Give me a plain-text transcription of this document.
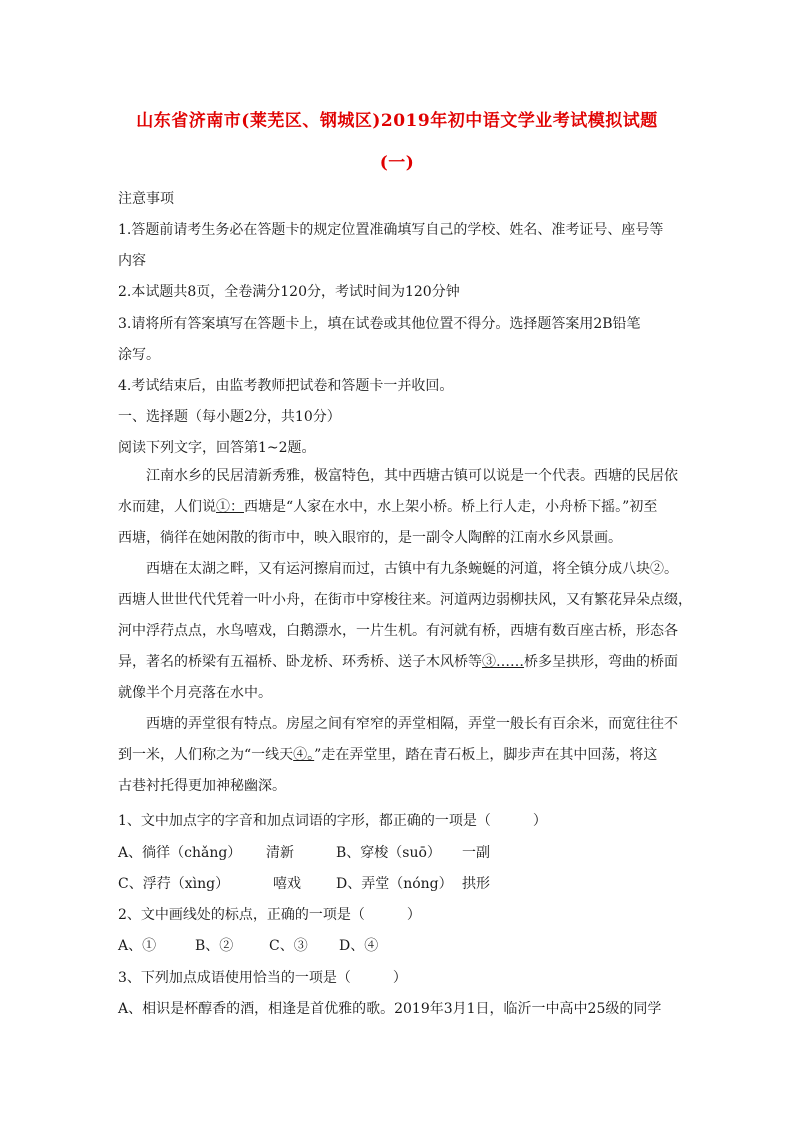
山东省济南市(莱芜区、钢城区)2019年初中语文学业考试模拟试题
(一)
注意事项
1.答题前请考生务必在答题卡的规定位置准确填写自己的学校、姓名、准考证号、座号等
内容
2.本试题共8页，全卷满分120分，考试时间为120分钟
3.请将所有答案填写在答题卡上，填在试卷或其他位置不得分。选择题答案用2B铅笔
涂写。
4.考试结束后，由监考教师把试卷和答题卡一并收回。
一、选择题（每小题2分，共10分）
阅读下列文字，回答第1~2题。
江南水乡的民居清新秀雅，极富特色，其中西塘古镇可以说是一个代表。西塘的民居依
水而建，人们说①：西塘是“人家在水中，水上架小桥。桥上行人走，小舟桥下摇。”初至
西塘，徜徉在她闲散的街市中，映入眼帘的，是一副令人陶醉的江南水乡风景画。
西塘在太湖之畔，又有运河擦肩而过，古镇中有九条蜿蜒的河道，将全镇分成八块②。
西塘人世世代代凭着一叶小舟，在街市中穿梭往来。河道两边弱柳扶风，又有繁花异朵点缀，
河中浮荇点点，水鸟嘻戏，白鹅漂水，一片生机。有河就有桥，西塘有数百座古桥，形态各
异，著名的桥梁有五福桥、卧龙桥、环秀桥、送子木风桥等③……桥多呈拱形，弯曲的桥面
就像半个月亮落在水中。
西塘的弄堂很有特点。房屋之间有窄窄的弄堂相隔，弄堂一般长有百余米，而宽往往不
到一米，人们称之为“一线天④。”走在弄堂里，踏在青石板上，脚步声在其中回荡，将这
古巷衬托得更加神秘幽深。
1、文中加点字的字音和加点词语的字形，都正确的一项是（　　　）
A、徜徉（chǎng） 清新	B、穿梭（suō） 一副
C、浮荇（xìng）	嘻戏	D、弄堂（nóng） 拱形
2、文中画线处的标点，正确的一项是（　　　）
A、①	B、②	C、③ D、④
3、下列加点成语使用恰当的一项是（　　　）
A、相识是杯醇香的酒，相逢是首优雅的歌。2019年3月1日，临沂一中高中25级的同学
